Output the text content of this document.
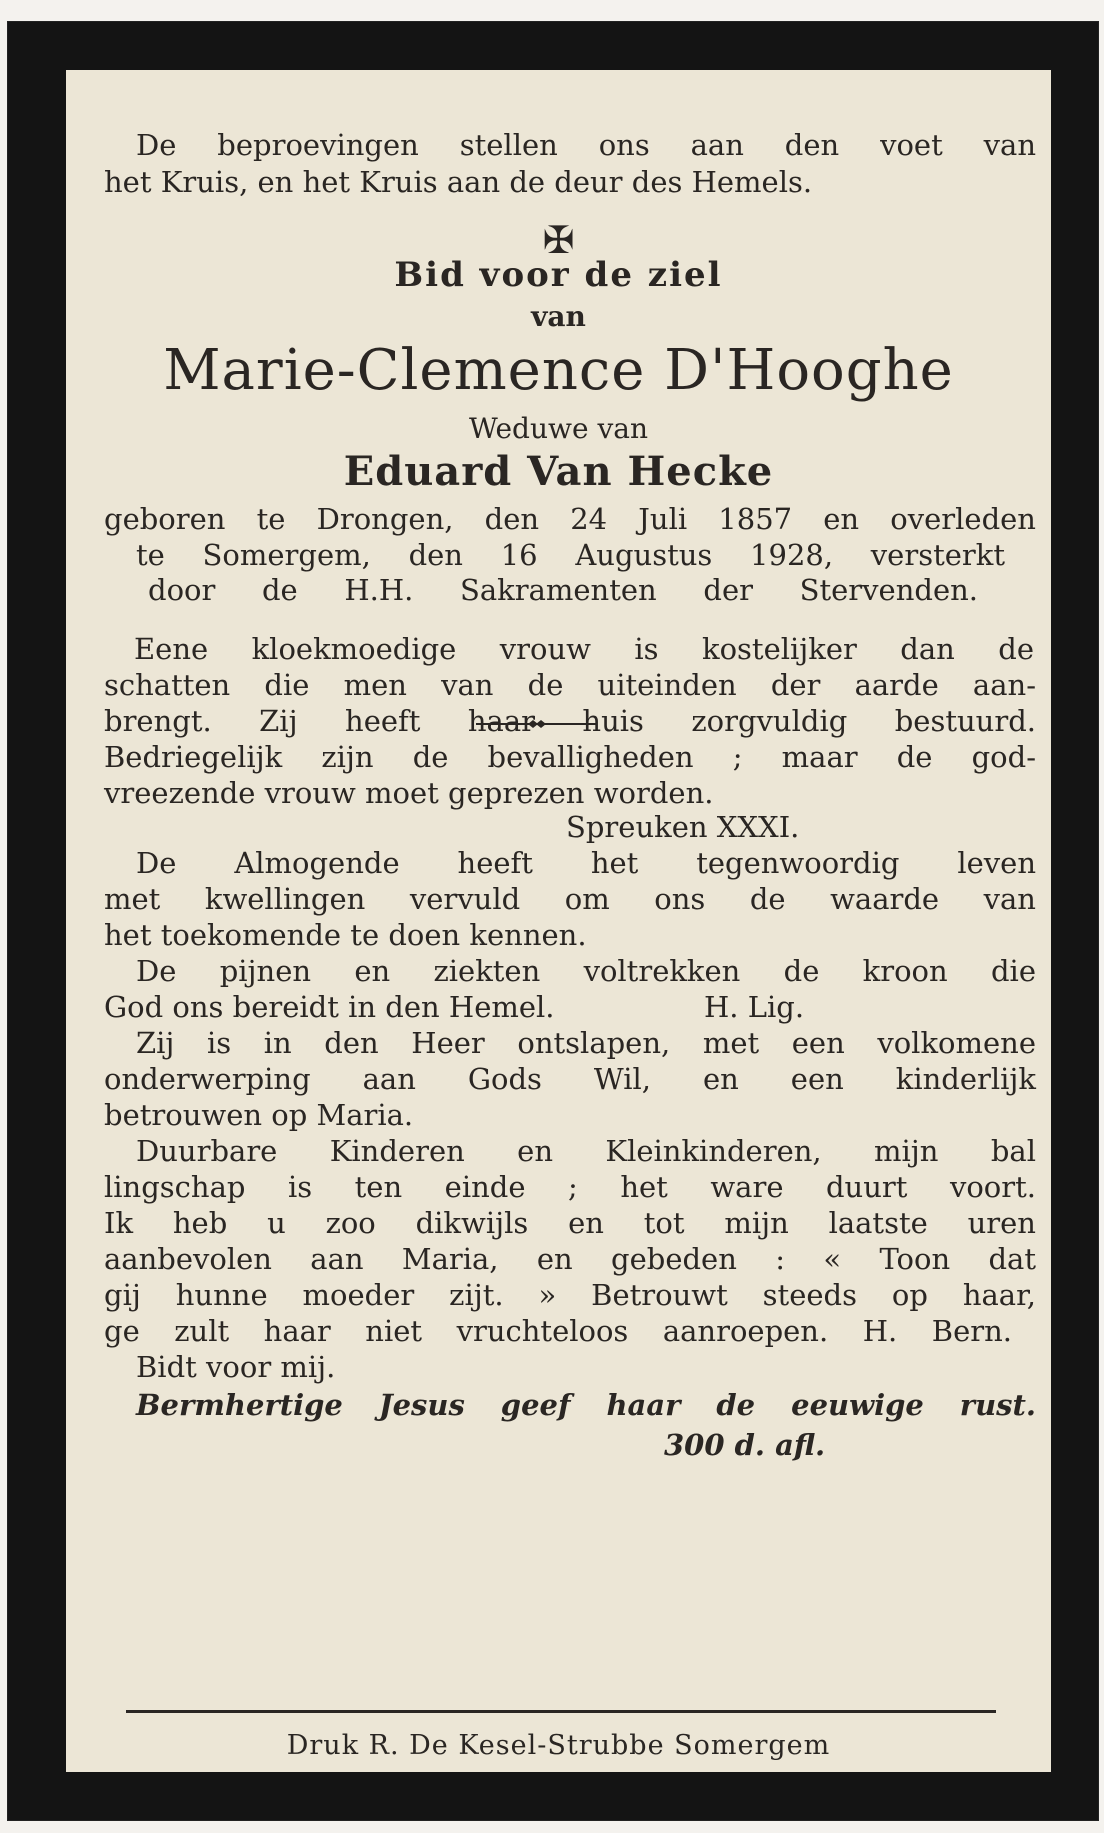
De beproevingen stellen ons aan den voet van
het Kruis, en het Kruis aan de deur des Hemels.
✠
Bid voor de ziel
van
Marie-Clemence D'Hooghe
Weduwe van
Eduard Van Hecke
geboren te Drongen, den 24 Juli 1857 en overleden
te Somergem, den 16 Augustus 1928, versterkt
door de H.H. Sakramenten der Stervenden.
Eene kloekmoedige vrouw is kostelijker dan de
schatten die men van de uiteinden der aarde aan-
brengt. Zij heeft haar huis zorgvuldig bestuurd.
Bedriegelijk zijn de bevalligheden ; maar de god-
vreezende vrouw moet geprezen worden.
Spreuken XXXI.
De Almogende heeft het tegenwoordig leven
met kwellingen vervuld om ons de waarde van
het toekomende te doen kennen.
De pijnen en ziekten voltrekken de kroon die
God ons bereidt in den Hemel.	H. Lig.
Zij is in den Heer ontslapen, met een volkomene
onderwerping aan Gods Wil, en een kinderlijk
betrouwen op Maria.
Duurbare Kinderen en Kleinkinderen, mijn bal
lingschap is ten einde ; het ware duurt voort.
Ik heb u zoo dikwijls en tot mijn laatste uren
aanbevolen aan Maria, en gebeden : « Toon dat
gij hunne moeder zijt. » Betrouwt steeds op haar,
ge zult haar niet vruchteloos aanroepen. H. Bern.
Bidt voor mij.
Bermhertige Jesus geef haar de eeuwige rust.
300 d. afl.
Druk R. De Kesel-Strubbe Somergem
